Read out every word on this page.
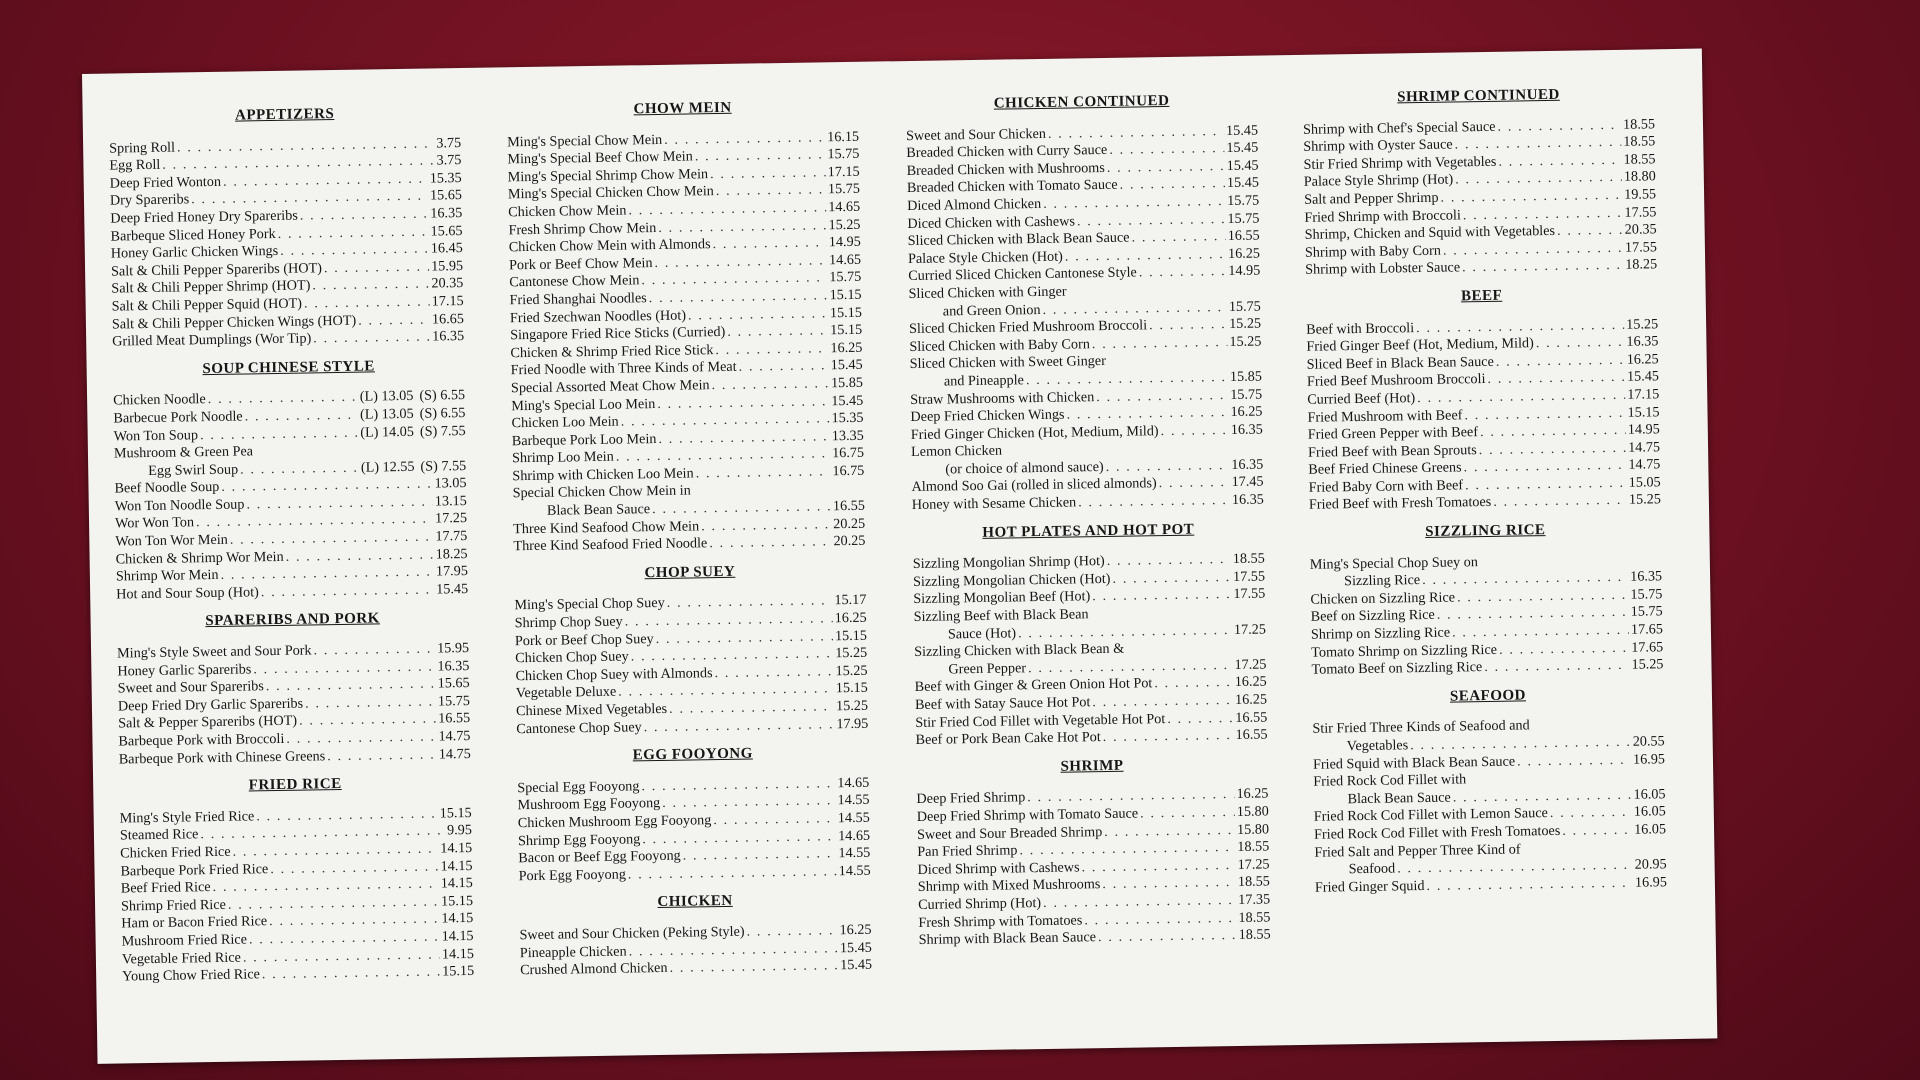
APPETIZERS
Spring Roll . . .	3.75
Egg Roll . . .	3.75
Deep Fried Wonton . . .	15.35
Dry Spareribs . . .	15.65
Deep Fried Honey Dry Spareribs . . .	16.35
Barbeque Sliced Honey Pork . . .	15.65
Honey Garlic Chicken Wings . . .	16.45
Salt & Chili Pepper Spareribs (HOT) . . .	15.95
Salt & Chili Pepper Shrimp (HOT) . . .	20.35
Salt & Chili Pepper Squid (HOT) . . .	17.15
Salt & Chili Pepper Chicken Wings (HOT) . . .	16.65
Grilled Meat Dumplings (Wor Tip) . . .	16.35
SOUP CHINESE STYLE
Chicken Noodle . . .	(L) 13.05 (S) 6.55
Barbecue Pork Noodle . . .	(L) 13.05 (S) 6.55
Won Ton Soup . . .	(L) 14.05 (S) 7.55
Mushroom & Green Pea
Egg Swirl Soup . . .	(L) 12.55 (S) 7.55
Beef Noodle Soup . . .	13.05
Won Ton Noodle Soup . . .	13.15
Wor Won Ton . . .	17.25
Won Ton Wor Mein . . .	17.75
Chicken & Shrimp Wor Mein . . .	18.25
Shrimp Wor Mein . . .	17.95
Hot and Sour Soup (Hot) . . .	15.45
SPARERIBS AND PORK
Ming's Style Sweet and Sour Pork . . .	15.95
Honey Garlic Spareribs . . .	16.35
Sweet and Sour Spareribs . . .	15.65
Deep Fried Dry Garlic Spareribs . . .	15.75
Salt & Pepper Spareribs (HOT) . . .	16.55
Barbeque Pork with Broccoli . . .	14.75
Barbeque Pork with Chinese Greens . . .	14.75
FRIED RICE
Ming's Style Fried Rice . . .	15.15
Steamed Rice . . .	9.95
Chicken Fried Rice . . .	14.15
Barbeque Pork Fried Rice . . .	14.15
Beef Fried Rice . . .	14.15
Shrimp Fried Rice . . .	15.15
Ham or Bacon Fried Rice . . .	14.15
Mushroom Fried Rice . . .	14.15
Vegetable Fried Rice . . .	14.15
Young Chow Fried Rice . . .	15.15
CHOW MEIN
Ming's Special Chow Mein . . .	16.15
Ming's Special Beef Chow Mein . . .	15.75
Ming's Special Shrimp Chow Mein . . .	17.15
Ming's Special Chicken Chow Mein . . .	15.75
Chicken Chow Mein . . .	14.65
Fresh Shrimp Chow Mein . . .	15.25
Chicken Chow Mein with Almonds . . .	14.95
Pork or Beef Chow Mein . . .	14.65
Cantonese Chow Mein . . .	15.75
Fried Shanghai Noodles . . .	15.15
Fried Szechwan Noodles (Hot) . . .	15.15
Singapore Fried Rice Sticks (Curried) . . .	15.15
Chicken & Shrimp Fried Rice Stick . . .	16.25
Fried Noodle with Three Kinds of Meat . . .	15.45
Special Assorted Meat Chow Mein . . .	15.85
Ming's Special Loo Mein . . .	15.45
Chicken Loo Mein . . .	15.35
Barbeque Pork Loo Mein . . .	13.35
Shrimp Loo Mein . . .	16.75
Shrimp with Chicken Loo Mein . . .	16.75
Special Chicken Chow Mein in
Black Bean Sauce . . .	16.55
Three Kind Seafood Chow Mein . . .	20.25
Three Kind Seafood Fried Noodle . . .	20.25
CHOP SUEY
Ming's Special Chop Suey . . .	15.17
Shrimp Chop Suey . . .	16.25
Pork or Beef Chop Suey . . .	15.15
Chicken Chop Suey . . .	15.25
Chicken Chop Suey with Almonds . . .	15.25
Vegetable Deluxe . . .	15.15
Chinese Mixed Vegetables . . .	15.25
Cantonese Chop Suey . . .	17.95
EGG FOOYONG
Special Egg Fooyong . . .	14.65
Mushroom Egg Fooyong . . .	14.55
Chicken Mushroom Egg Fooyong . . .	14.55
Shrimp Egg Fooyong . . .	14.65
Bacon or Beef Egg Fooyong . . .	14.55
Pork Egg Fooyong . . .	14.55
CHICKEN
Sweet and Sour Chicken (Peking Style) . . .	16.25
Pineapple Chicken . . .	15.45
Crushed Almond Chicken . . .	15.45
CHICKEN CONTINUED
Sweet and Sour Chicken . . .	15.45
Breaded Chicken with Curry Sauce . . .	15.45
Breaded Chicken with Mushrooms . . .	15.45
Breaded Chicken with Tomato Sauce . . .	15.45
Diced Almond Chicken . . .	15.75
Diced Chicken with Cashews . . .	15.75
Sliced Chicken with Black Bean Sauce . . .	16.55
Palace Style Chicken (Hot) . . .	16.25
Curried Sliced Chicken Cantonese Style . . .	14.95
Sliced Chicken with Ginger
and Green Onion . . .	15.75
Sliced Chicken Fried Mushroom Broccoli . . .	15.25
Sliced Chicken with Baby Corn . . .	15.25
Sliced Chicken with Sweet Ginger
and Pineapple . . .	15.85
Straw Mushrooms with Chicken . . .	15.75
Deep Fried Chicken Wings . . .	16.25
Fried Ginger Chicken (Hot, Medium, Mild) . . .	16.35
Lemon Chicken
(or choice of almond sauce) . . .	16.35
Almond Soo Gai (rolled in sliced almonds) . . .	17.45
Honey with Sesame Chicken . . .	16.35
HOT PLATES AND HOT POT
Sizzling Mongolian Shrimp (Hot) . . .	18.55
Sizzling Mongolian Chicken (Hot) . . .	17.55
Sizzling Mongolian Beef (Hot) . . .	17.55
Sizzling Beef with Black Bean
Sauce (Hot) . . .	17.25
Sizzling Chicken with Black Bean &
Green Pepper . . .	17.25
Beef with Ginger & Green Onion Hot Pot . . .	16.25
Beef with Satay Sauce Hot Pot . . .	16.25
Stir Fried Cod Fillet with Vegetable Hot Pot . . .	16.55
Beef or Pork Bean Cake Hot Pot . . .	16.55
SHRIMP
Deep Fried Shrimp . . .	16.25
Deep Fried Shrimp with Tomato Sauce . . .	15.80
Sweet and Sour Breaded Shrimp . . .	15.80
Pan Fried Shrimp . . .	18.55
Diced Shrimp with Cashews . . .	17.25
Shrimp with Mixed Mushrooms . . .	18.55
Curried Shrimp (Hot) . . .	17.35
Fresh Shrimp with Tomatoes . . .	18.55
Shrimp with Black Bean Sauce . . .	18.55
SHRIMP CONTINUED
Shrimp with Chef's Special Sauce . . .	18.55
Shrimp with Oyster Sauce . . .	18.55
Stir Fried Shrimp with Vegetables . . .	18.55
Palace Style Shrimp (Hot) . . .	18.80
Salt and Pepper Shrimp . . .	19.55
Fried Shrimp with Broccoli . . .	17.55
Shrimp, Chicken and Squid with Vegetables . . .	20.35
Shrimp with Baby Corn . . .	17.55
Shrimp with Lobster Sauce . . .	18.25
BEEF
Beef with Broccoli . . .	15.25
Fried Ginger Beef (Hot, Medium, Mild) . . .	16.35
Sliced Beef in Black Bean Sauce . . .	16.25
Fried Beef Mushroom Broccoli . . .	15.45
Curried Beef (Hot) . . .	17.15
Fried Mushroom with Beef . . .	15.15
Fried Green Pepper with Beef . . .	14.95
Fried Beef with Bean Sprouts . . .	14.75
Beef Fried Chinese Greens . . .	14.75
Fried Baby Corn with Beef . . .	15.05
Fried Beef with Fresh Tomatoes . . .	15.25
SIZZLING RICE
Ming's Special Chop Suey on
Sizzling Rice . . .	16.35
Chicken on Sizzling Rice . . .	15.75
Beef on Sizzling Rice . . .	15.75
Shrimp on Sizzling Rice . . .	17.65
Tomato Shrimp on Sizzling Rice . . .	17.65
Tomato Beef on Sizzling Rice . . .	15.25
SEAFOOD
Stir Fried Three Kinds of Seafood and
Vegetables . . .	20.55
Fried Squid with Black Bean Sauce . . .	16.95
Fried Rock Cod Fillet with
Black Bean Sauce . . .	16.05
Fried Rock Cod Fillet with Lemon Sauce . . .	16.05
Fried Rock Cod Fillet with Fresh Tomatoes . . .	16.05
Fried Salt and Pepper Three Kind of
Seafood . . .	20.95
Fried Ginger Squid . . .	16.95
